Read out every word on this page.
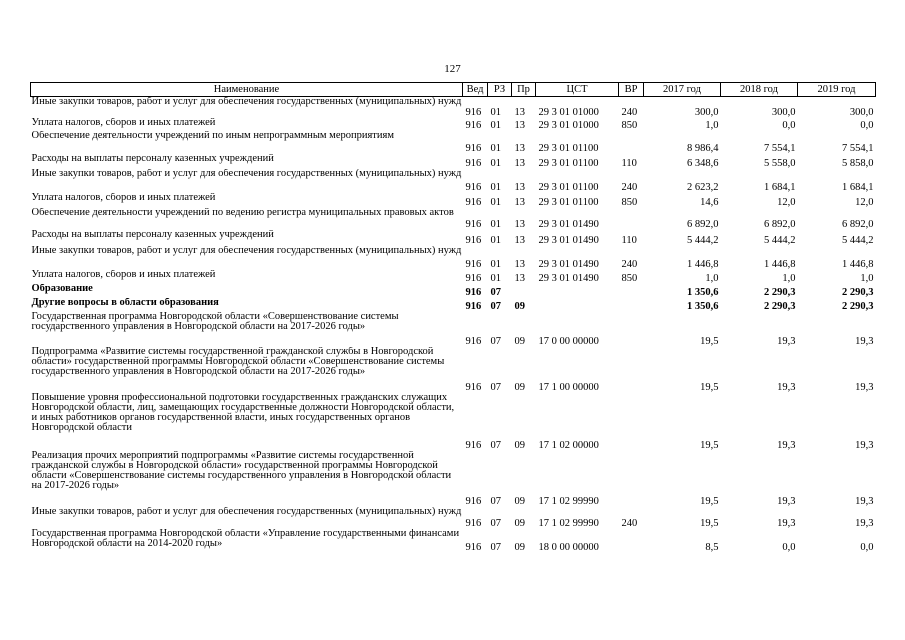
127
Наименование	Вед	РЗ	Пр	ЦСТ	ВР	2017 год	2018 год	2019 год
Иные закупки товаров, работ и услуг для обеспечения государственных (муниципальных) нужд	916	01	13	29 3 01 01000	240	300,0	300,0	300,0
Уплата налогов, сборов и иных платежей	916	01	13	29 3 01 01000	850	1,0	0,0	0,0
Обеспечение деятельности учреждений по иным непрограммным мероприятиям	916	01	13	29 3 01 01100		8 986,4	7 554,1	7 554,1
Расходы на выплаты персоналу казенных учреждений	916	01	13	29 3 01 01100	110	6 348,6	5 558,0	5 858,0
Иные закупки товаров, работ и услуг для обеспечения государственных (муниципальных) нужд	916	01	13	29 3 01 01100	240	2 623,2	1 684,1	1 684,1
Уплата налогов, сборов и иных платежей	916	01	13	29 3 01 01100	850	14,6	12,0	12,0
Обеспечение деятельности учреждений по ведению регистра муниципальных правовых актов	916	01	13	29 3 01 01490		6 892,0	6 892,0	6 892,0
Расходы на выплаты персоналу казенных учреждений	916	01	13	29 3 01 01490	110	5 444,2	5 444,2	5 444,2
Иные закупки товаров, работ и услуг для обеспечения государственных (муниципальных) нужд	916	01	13	29 3 01 01490	240	1 446,8	1 446,8	1 446,8
Уплата налогов, сборов и иных платежей	916	01	13	29 3 01 01490	850	1,0	1,0	1,0
Образование	916	07				1 350,6	2 290,3	2 290,3
Другие вопросы в области образования	916	07	09			1 350,6	2 290,3	2 290,3
Государственная программа Новгородской области «Совершенствование системы государственного управления в Новгородской области на 2017-2026 годы»	916	07	09	17 0 00 00000		19,5	19,3	19,3
Подпрограмма «Развитие системы государственной гражданской службы в Новгородской области» государственной программы Новгородской области «Совершенствование системы государственного управления в Новгородской области на 2017-2026 годы»	916	07	09	17 1 00 00000		19,5	19,3	19,3
Повышение уровня профессиональной подготовки государственных гражданских служащих Новгородской области, лиц, замещающих государственные должности Новгородской области, и иных работников органов государственной власти, иных государственных органов Новгородской области	916	07	09	17 1 02 00000		19,5	19,3	19,3
Реализация прочих мероприятий подпрограммы «Развитие системы государственной гражданской службы в Новгородской области» государственной программы Новгородской области «Совершенствование системы государственного управления в Новгородской области на 2017-2026 годы»	916	07	09	17 1 02 99990		19,5	19,3	19,3
Иные закупки товаров, работ и услуг для обеспечения государственных (муниципальных) нужд	916	07	09	17 1 02 99990	240	19,5	19,3	19,3
Государственная программа Новгородской области «Управление государственными финансами Новгородской области на 2014-2020 годы»	916	07	09	18 0 00 00000		8,5	0,0	0,0
